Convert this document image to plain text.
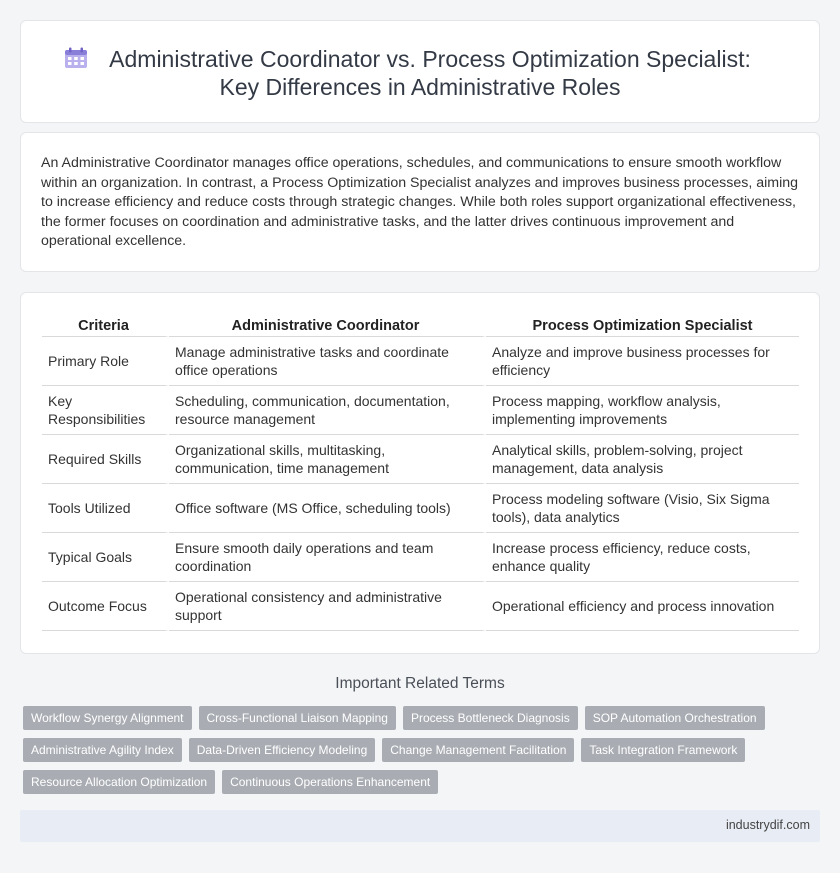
Administrative Coordinator vs. Process Optimization Specialist:
Key Differences in Administrative Roles

An Administrative Coordinator manages office operations, schedules, and communications to ensure smooth workflow within an organization. In contrast, a Process Optimization Specialist analyzes and improves business processes, aiming to increase efficiency and reduce costs through strategic changes. While both roles support organizational effectiveness, the former focuses on coordination and administrative tasks, and the latter drives continuous improvement and operational excellence.

Criteria	Administrative Coordinator	Process Optimization Specialist
Primary Role	Manage administrative tasks and coordinate office operations	Analyze and improve business processes for efficiency
Key Responsibilities	Scheduling, communication, documentation, resource management	Process mapping, workflow analysis, implementing improvements
Required Skills	Organizational skills, multitasking, communication, time management	Analytical skills, problem-solving, project management, data analysis
Tools Utilized	Office software (MS Office, scheduling tools)	Process modeling software (Visio, Six Sigma tools), data analytics
Typical Goals	Ensure smooth daily operations and team coordination	Increase process efficiency, reduce costs, enhance quality
Outcome Focus	Operational consistency and administrative support	Operational efficiency and process innovation
Important Related Terms
Workflow Synergy Alignment	Cross-Functional Liaison Mapping	Process Bottleneck Diagnosis	SOP Automation Orchestration
Administrative Agility Index	Data-Driven Efficiency Modeling	Change Management Facilitation	Task Integration Framework
Resource Allocation Optimization	Continuous Operations Enhancement
industrydif.com
